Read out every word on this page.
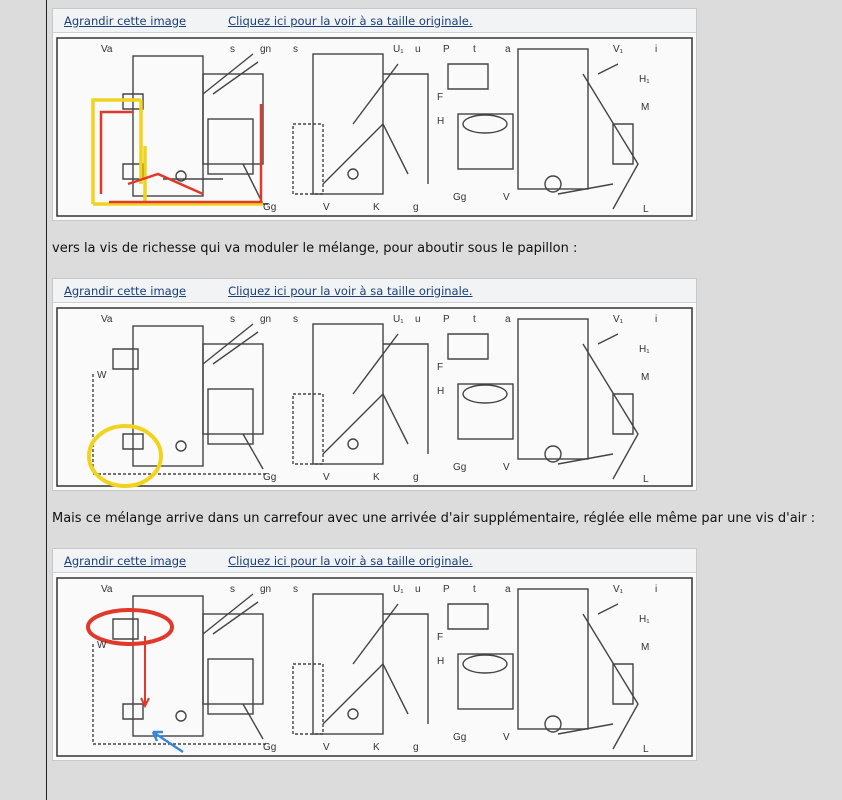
Agrandir cette image	Cliquez ici pour la voir à sa taille originale.
Va	s	gn s	U₁ u P t	a	V₁	i
H₁
M
F
H
Gg	V	K	g
Gg	V
L
vers la vis de richesse qui va moduler le mélange, pour aboutir sous le papillon :
Agrandir cette image	Cliquez ici pour la voir à sa taille originale.
Va	s	gn s	U₁ u P t	a	V₁	i
H₁
M
F
H
W
Gg	V	K	g
Gg	V
L
Mais ce mélange arrive dans un carrefour avec une arrivée d'air supplémentaire, réglée elle même par une vis d'air :
Agrandir cette image	Cliquez ici pour la voir à sa taille originale.
Va	s	gn s	U₁ u P t	a	V₁	i
H₁
M
F
H
W
Gg	V	K	g
Gg	V
L
